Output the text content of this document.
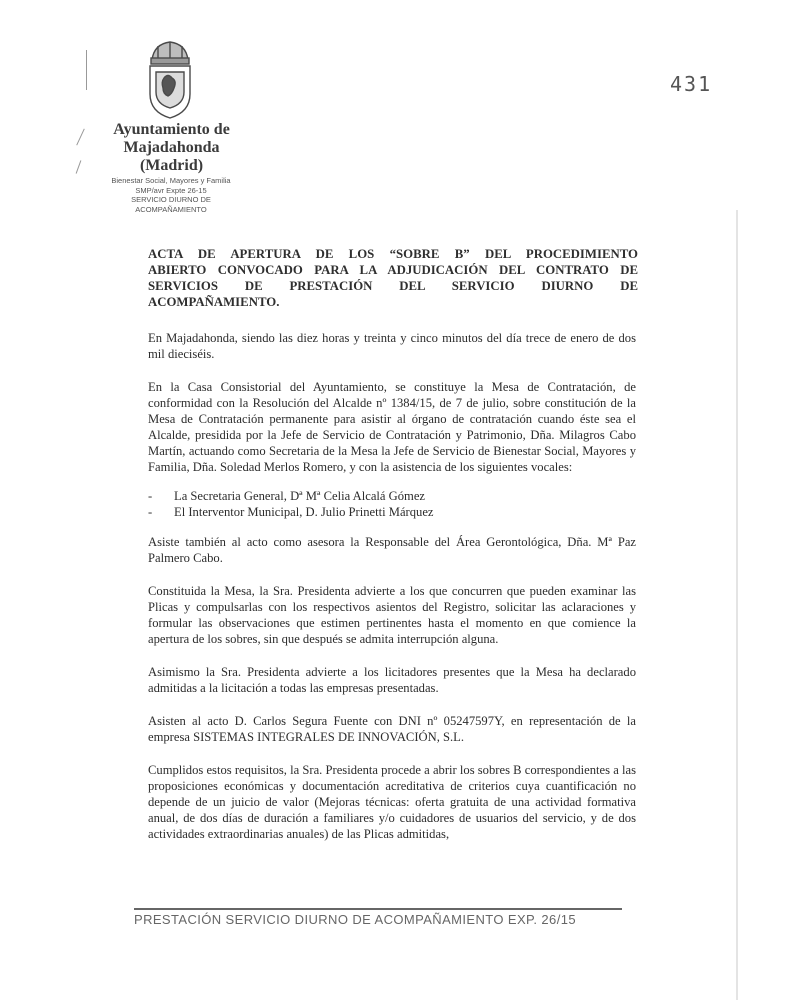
431
Ayuntamiento de
Majadahonda
(Madrid)
Bienestar Social, Mayores y Familia
SMP/avr Expte 26-15
SERVICIO DIURNO DE
ACOMPAÑAMIENTO
ACTA DE APERTURA DE LOS “SOBRE B” DEL PROCEDIMIENTO
ABIERTO CONVOCADO PARA LA ADJUDICACIÓN DEL CONTRATO DE
SERVICIOS DE PRESTACIÓN DEL SERVICIO DIURNO DE
ACOMPAÑAMIENTO.

En Majadahonda, siendo las diez horas y treinta y cinco minutos del día trece de enero de dos mil dieciséis.

En la Casa Consistorial del Ayuntamiento, se constituye la Mesa de Contratación, de conformidad con la Resolución del Alcalde nº 1384/15, de 7 de julio, sobre constitución de la Mesa de Contratación permanente para asistir al órgano de contratación cuando éste sea el Alcalde, presidida por la Jefe de Servicio de Contratación y Patrimonio, Dña. Milagros Cabo Martín, actuando como Secretaria de la Mesa la Jefe de Servicio de Bienestar Social, Mayores y Familia, Dña. Soledad Merlos Romero, y con la asistencia de los siguientes vocales:

- La Secretaria General, Dª Mª Celia Alcalá Gómez
- El Interventor Municipal, D. Julio Prinetti Márquez

Asiste también al acto como asesora la Responsable del Área Gerontológica, Dña. Mª Paz Palmero Cabo.

Constituida la Mesa, la Sra. Presidenta advierte a los que concurren que pueden examinar las Plicas y compulsarlas con los respectivos asientos del Registro, solicitar las aclaraciones y formular las observaciones que estimen pertinentes hasta el momento en que comience la apertura de los sobres, sin que después se admita interrupción alguna.

Asimismo la Sra. Presidenta advierte a los licitadores presentes que la Mesa ha declarado admitidas a la licitación a todas las empresas presentadas.

Asisten al acto D. Carlos Segura Fuente con DNI nº 05247597Y, en representación de la empresa SISTEMAS INTEGRALES DE INNOVACIÓN, S.L.

Cumplidos estos requisitos, la Sra. Presidenta procede a abrir los sobres B correspondientes a las proposiciones económicas y documentación acreditativa de criterios cuya cuantificación no depende de un juicio de valor (Mejoras técnicas: oferta gratuita de una actividad formativa anual, de dos días de duración a familiares y/o cuidadores de usuarios del servicio, y de dos actividades extraordinarias anuales) de las Plicas admitidas,

PRESTACIÓN SERVICIO DIURNO DE ACOMPAÑAMIENTO EXP. 26/15
